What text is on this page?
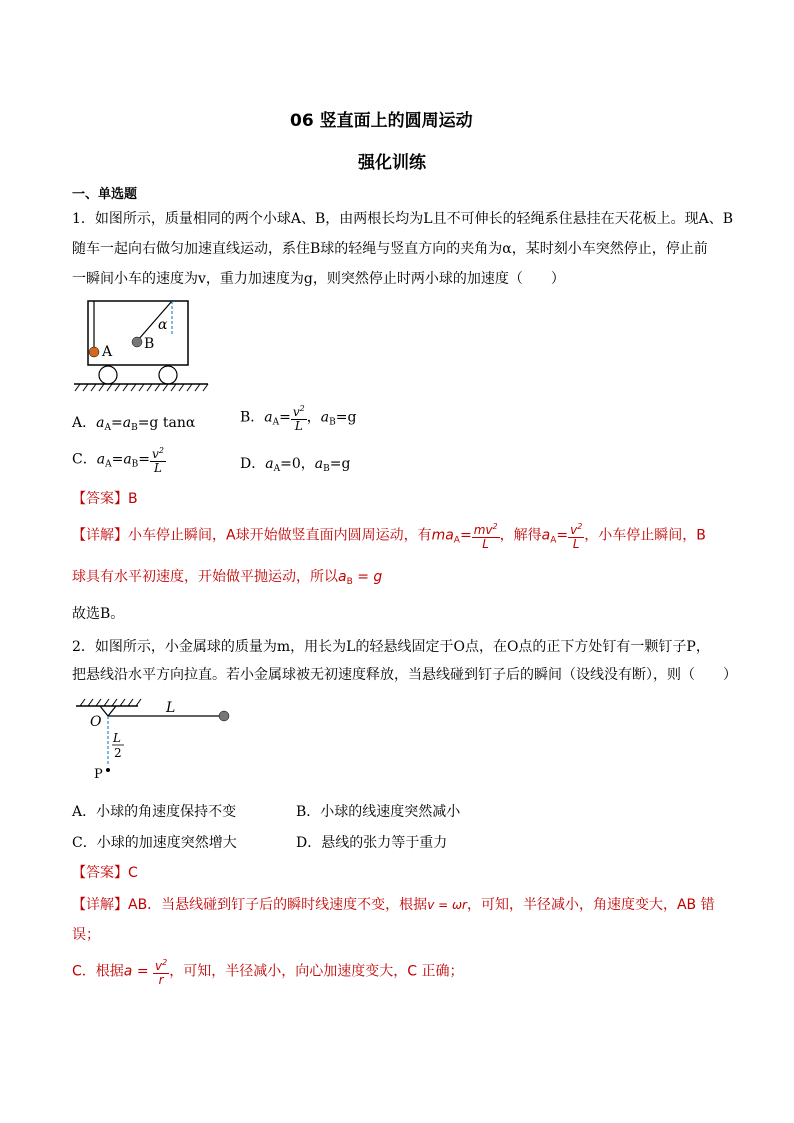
06 竖直面上的圆周运动
强化训练
一、单选题
1．如图所示，质量相同的两个小球A、B，由两根长均为L且不可伸长的轻绳系住悬挂在天花板上。现A、B
随车一起向右做匀加速直线运动，系住B球的轻绳与竖直方向的夹角为α，某时刻小车突然停止，停止前
一瞬间小车的速度为v，重力加速度为g，则突然停止时两小球的加速度（　　）
A B
α
A．$a_A=a_B=g$ tanα	B．$a_A= \frac{v^2}{L}$ ，$a_B=g$
C．$a_A=a_B= \frac{v^2}{L}$	D．$a_A=0$，$a_B=g$
【答案】B
【详解】小车停止瞬间，A球开始做竖直面内圆周运动，有$ma_A= \frac{mv^2}{L}$ ，解得$a_A= \frac{v^2}{L}$ ，小车停止瞬间，B
球具有水平初速度，开始做平抛运动，所以$a_B = g$
故选B。
2．如图所示，小金属球的质量为m，用长为L的轻悬线固定于O点，在O点的正下方处钉有一颗钉子P，
把悬线沿水平方向拉直。若小金属球被无初速度释放，当悬线碰到钉子后的瞬间（设线没有断），则（　　）
O
L
L
2
P
A．小球的角速度保持不变	B．小球的线速度突然减小
C．小球的加速度突然增大	D．悬线的张力等于重力
【答案】C
【详解】AB．当悬线碰到钉子后的瞬时线速度不变，根据v = ωr，可知，半径减小，角速度变大，AB 错
误；
C．根据$a = \frac{v^2}{r}$ ，可知，半径减小，向心加速度变大，C 正确；
